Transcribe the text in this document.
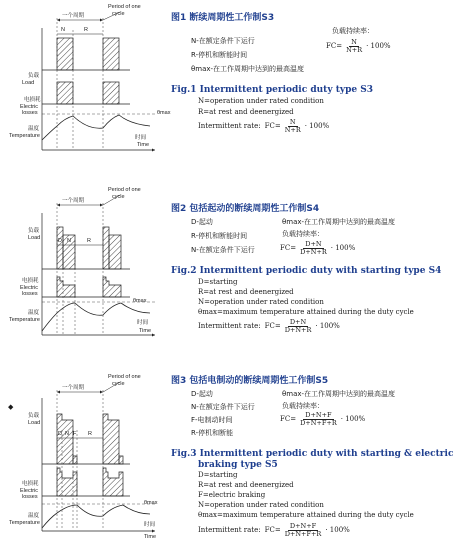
一个周期
Period of one
cycle
N	R
负载
Load
电损耗
Electric
losses
温度
Temperature
θmax
时间
Time
图1 断续周期性工作制S3
N-在额定条件下运行
R-停机和断能时间
θmax-在工作周期中达到的最高温度
负载持续率：
$FC= \frac{N}{N+R} \cdot 100\%$
Fig.1 Intermittent periodic duty type S3
N=operation under rated condition
R=at rest and deenergized
Intermittent rate: $FC= \frac{N}{N+R} \cdot 100\%$
一个周期
Period of one
cycle
D N	R
负载
Load
电损耗
Electric
losses
温度
Temperature
θmax
时间
Time
图2 包括起动的断续周期性工作制S4
D-起动	θmax-在工作周期中达到的最高温度
R-停机和断能时间	负载持续率：
N-在额定条件下运行	$FC= \frac{D+N}{D+N+R} \cdot 100\%$
Fig.2 Intermittent periodic duty with starting type S4
D=starting
R=at rest and deenergized
N=operation under rated condition
θmax=maximum temperature attained during the duty cycle
Intermittent rate: $FC= \frac{D+N}{D+N+R} \cdot 100\%$
一个周期
Period of one
cycle
D N F R
负载
Load
电损耗
Electric
losses
温度
Temperature
θmax
时间
Time
◆
图3 包括电制动的断续周期性工作制S5
D-起动	θmax-在工作周期中达到的最高温度
N-在额定条件下运行	负载持续率：
F-电制动时间	$FC= \frac{D+N+F}{D+N+F+R} \cdot 100\%$
R-停机和断能
Fig.3 Intermittent periodic duty with starting & electric
braking type S5
D=starting
R=at rest and deenergized
F=electric braking
N=operation under rated condition
θmax=maximum temperature attained during the duty cycle
Intermittent rate: $FC= \frac{D+N+F}{D+N+F+R} \cdot 100\%$
